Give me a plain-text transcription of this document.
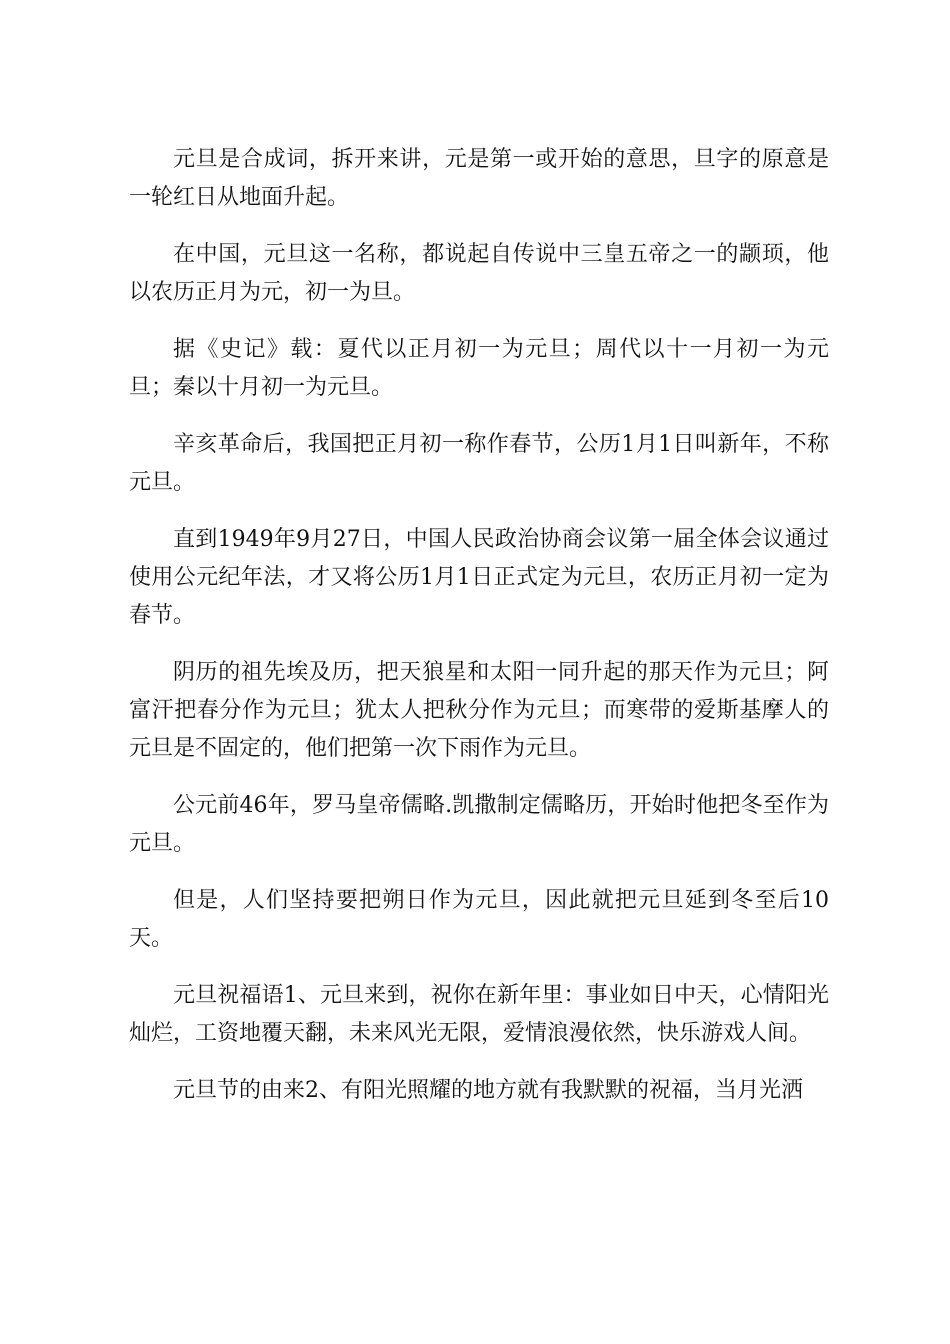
元旦是合成词，拆开来讲，元是第一或开始的意思，旦字的原意是一轮红日从地面升起。

在中国，元旦这一名称，都说起自传说中三皇五帝之一的颛顼，他以农历正月为元，初一为旦。

据《史记》载：夏代以正月初一为元旦；周代以十一月初一为元旦；秦以十月初一为元旦。

辛亥革命后，我国把正月初一称作春节，公历1月1日叫新年，不称元旦。

直到1949年9月27日，中国人民政治协商会议第一届全体会议通过使用公元纪年法，才又将公历1月1日正式定为元旦，农历正月初一定为春节。

阴历的祖先埃及历，把天狼星和太阳一同升起的那天作为元旦；阿富汗把春分作为元旦；犹太人把秋分作为元旦；而寒带的爱斯基摩人的元旦是不固定的，他们把第一次下雨作为元旦。

公元前46年，罗马皇帝儒略.凯撒制定儒略历，开始时他把冬至作为元旦。

但是，人们坚持要把朔日作为元旦，因此就把元旦延到冬至后10天。

元旦祝福语1、元旦来到，祝你在新年里：事业如日中天，心情阳光灿烂，工资地覆天翻，未来风光无限，爱情浪漫依然，快乐游戏人间。

元旦节的由来2、有阳光照耀的地方就有我默默的祝福，当月光洒
